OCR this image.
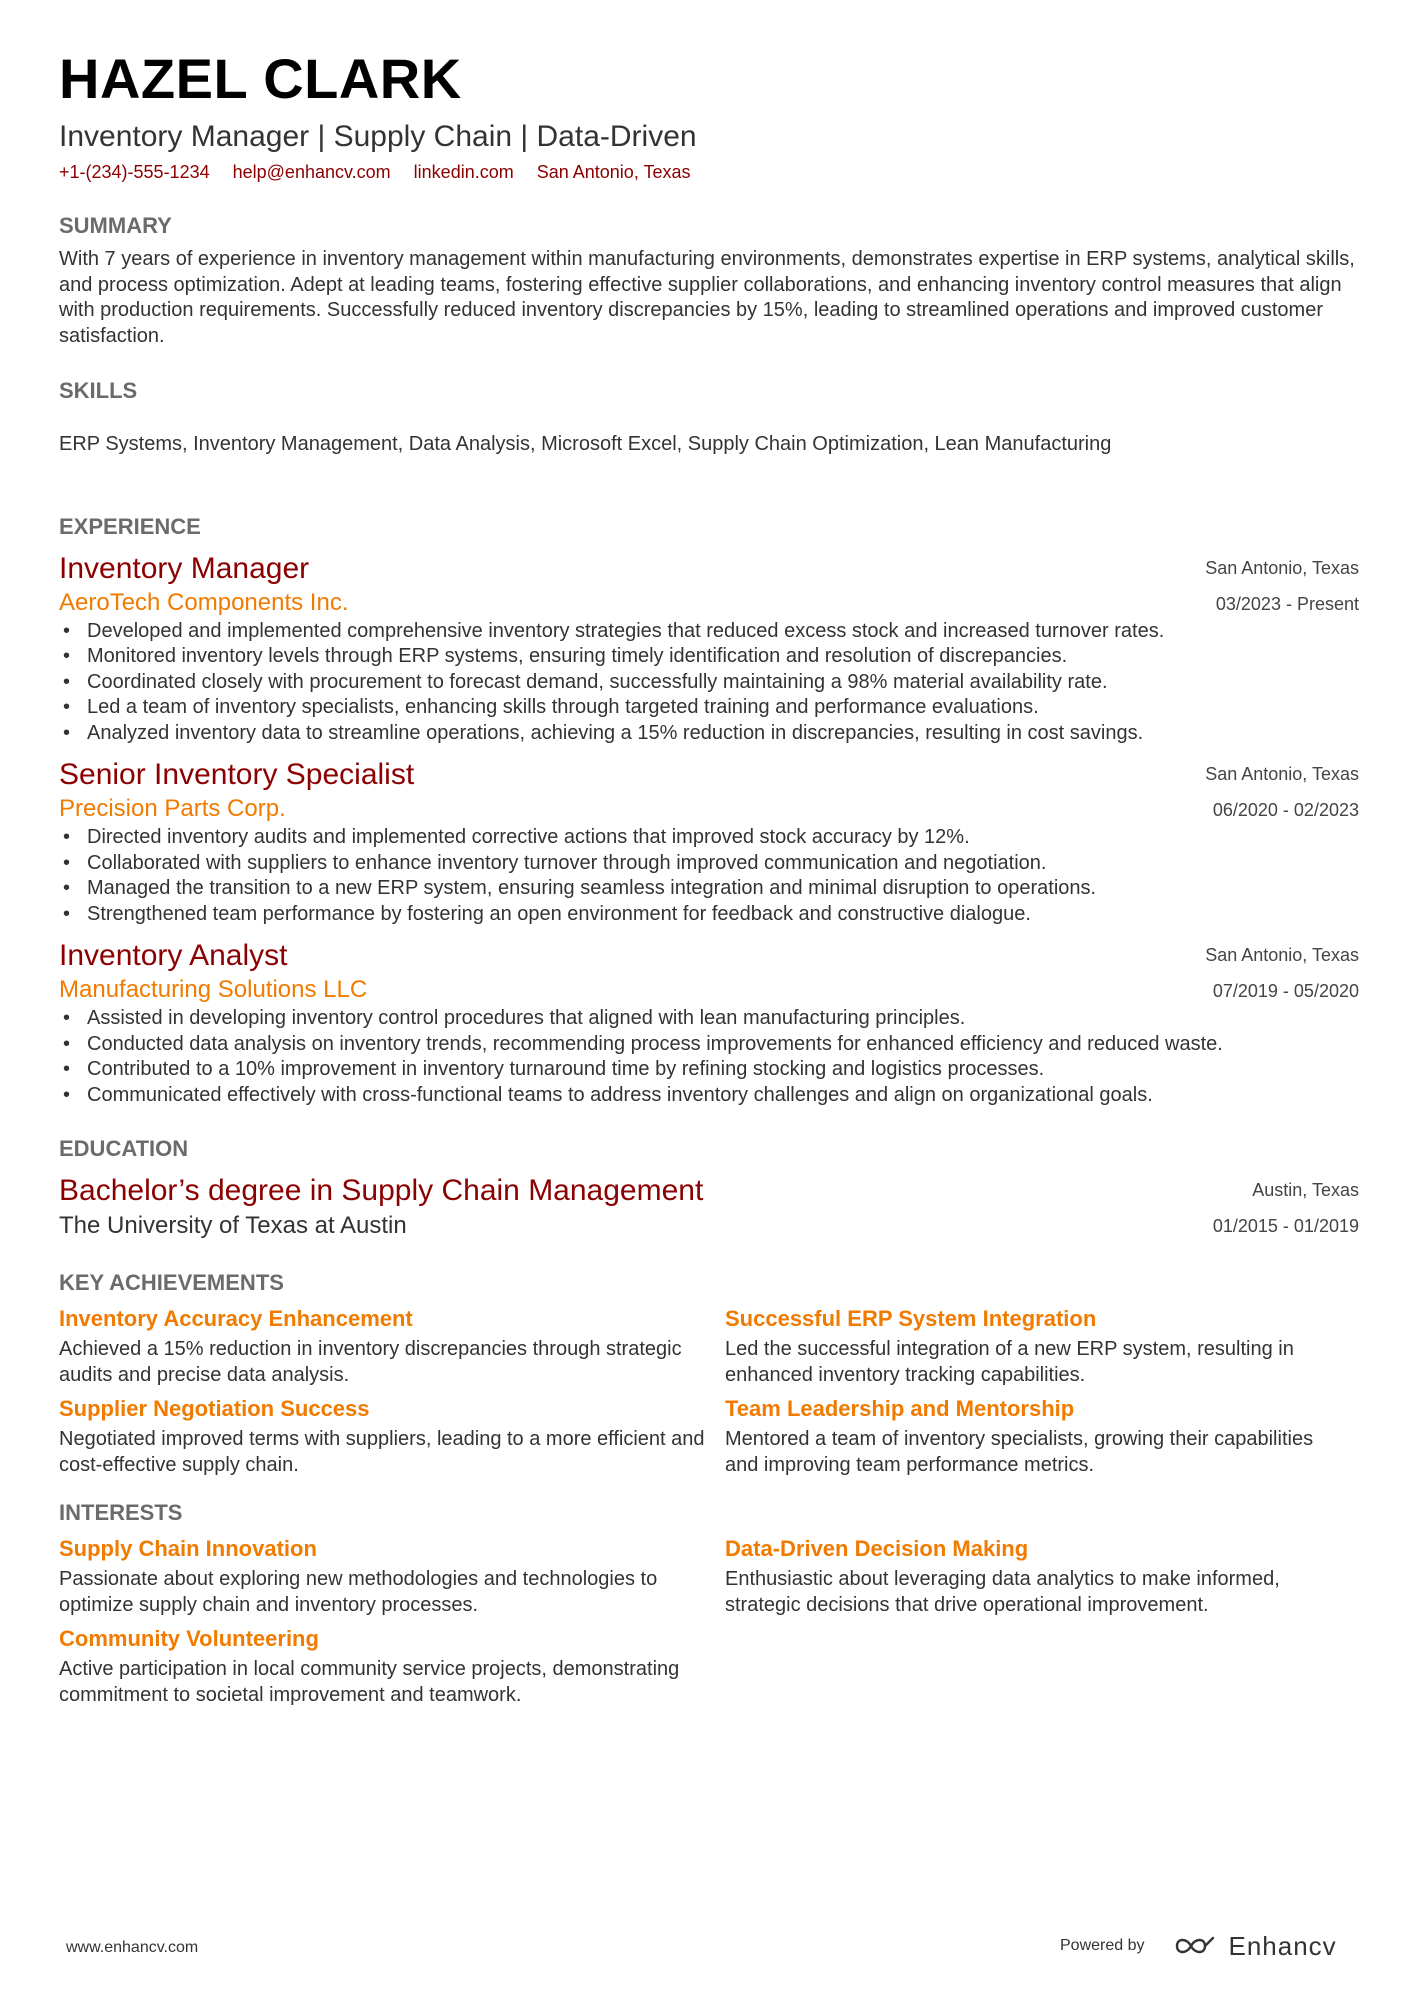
HAZEL CLARK
Inventory Manager | Supply Chain | Data-Driven
+1-(234)-555-1234 help@enhancv.com linkedin.com San Antonio, Texas
SUMMARY
With 7 years of experience in inventory management within manufacturing environments, demonstrates expertise in ERP systems, analytical skills, and process optimization. Adept at leading teams, fostering effective supplier collaborations, and enhancing inventory control measures that align with production requirements. Successfully reduced inventory discrepancies by 15%, leading to streamlined operations and improved customer satisfaction.
SKILLS
ERP Systems, Inventory Management, Data Analysis, Microsoft Excel, Supply Chain Optimization, Lean Manufacturing
EXPERIENCE
Inventory Manager
AeroTech Components Inc.
San Antonio, Texas
03/2023 - Present
• Developed and implemented comprehensive inventory strategies that reduced excess stock and increased turnover rates.
• Monitored inventory levels through ERP systems, ensuring timely identification and resolution of discrepancies.
• Coordinated closely with procurement to forecast demand, successfully maintaining a 98% material availability rate.
• Led a team of inventory specialists, enhancing skills through targeted training and performance evaluations.
• Analyzed inventory data to streamline operations, achieving a 15% reduction in discrepancies, resulting in cost savings.
Senior Inventory Specialist
Precision Parts Corp.
San Antonio, Texas
06/2020 - 02/2023
• Directed inventory audits and implemented corrective actions that improved stock accuracy by 12%.
• Collaborated with suppliers to enhance inventory turnover through improved communication and negotiation.
• Managed the transition to a new ERP system, ensuring seamless integration and minimal disruption to operations.
• Strengthened team performance by fostering an open environment for feedback and constructive dialogue.
Inventory Analyst
Manufacturing Solutions LLC
San Antonio, Texas
07/2019 - 05/2020
• Assisted in developing inventory control procedures that aligned with lean manufacturing principles.
• Conducted data analysis on inventory trends, recommending process improvements for enhanced efficiency and reduced waste.
• Contributed to a 10% improvement in inventory turnaround time by refining stocking and logistics processes.
• Communicated effectively with cross-functional teams to address inventory challenges and align on organizational goals.
EDUCATION
Bachelor’s degree in Supply Chain Management
The University of Texas at Austin
Austin, Texas
01/2015 - 01/2019
KEY ACHIEVEMENTS
Inventory Accuracy Enhancement
Achieved a 15% reduction in inventory discrepancies through strategic audits and precise data analysis.
Successful ERP System Integration
Led the successful integration of a new ERP system, resulting in enhanced inventory tracking capabilities.
Supplier Negotiation Success
Negotiated improved terms with suppliers, leading to a more efficient and cost-effective supply chain.
Team Leadership and Mentorship
Mentored a team of inventory specialists, growing their capabilities and improving team performance metrics.
INTERESTS
Supply Chain Innovation
Passionate about exploring new methodologies and technologies to optimize supply chain and inventory processes.
Data-Driven Decision Making
Enthusiastic about leveraging data analytics to make informed, strategic decisions that drive operational improvement.
Community Volunteering
Active participation in local community service projects, demonstrating commitment to societal improvement and teamwork.
www.enhancv.com	Powered by	Enhancv
